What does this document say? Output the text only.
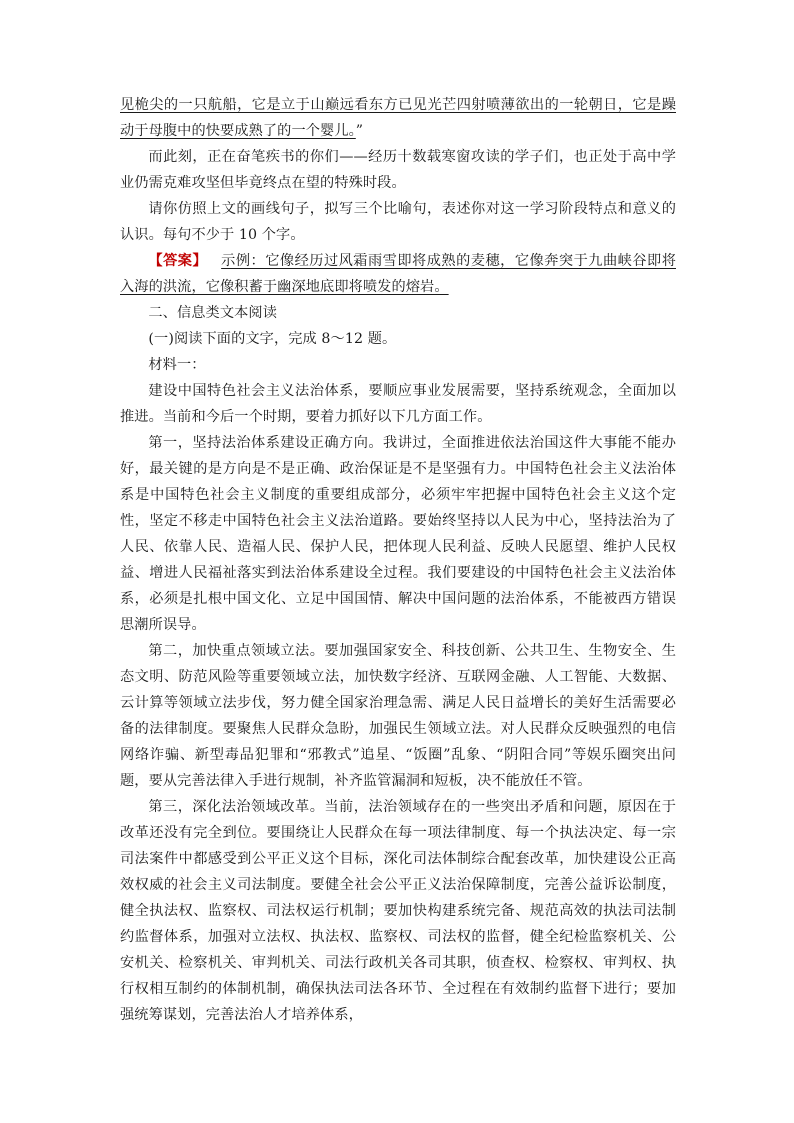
见桅尖的一只航船，它是立于山巅远看东方已见光芒四射喷薄欲出的一轮朝日，它是躁动于母腹中的快要成熟了的一个婴儿。”

而此刻，正在奋笔疾书的你们——经历十数载寒窗攻读的学子们，也正处于高中学业仍需克难攻坚但毕竟终点在望的特殊时段。

请你仿照上文的画线句子，拟写三个比喻句，表述你对这一学习阶段特点和意义的认识。每句不少于 10 个字。

【答案】 示例：它像经历过风霜雨雪即将成熟的麦穗，它像奔突于九曲峡谷即将入海的洪流，它像积蓄于幽深地底即将喷发的熔岩。

二、信息类文本阅读

(一)阅读下面的文字，完成 8～12 题。

材料一：

建设中国特色社会主义法治体系，要顺应事业发展需要，坚持系统观念，全面加以推进。当前和今后一个时期，要着力抓好以下几方面工作。

第一，坚持法治体系建设正确方向。我讲过，全面推进依法治国这件大事能不能办好，最关键的是方向是不是正确、政治保证是不是坚强有力。中国特色社会主义法治体系是中国特色社会主义制度的重要组成部分，必须牢牢把握中国特色社会主义这个定性，坚定不移走中国特色社会主义法治道路。要始终坚持以人民为中心，坚持法治为了人民、依靠人民、造福人民、保护人民，把体现人民利益、反映人民愿望、维护人民权益、增进人民福祉落实到法治体系建设全过程。我们要建设的中国特色社会主义法治体系，必须是扎根中国文化、立足中国国情、解决中国问题的法治体系，不能被西方错误思潮所误导。

第二，加快重点领域立法。要加强国家安全、科技创新、公共卫生、生物安全、生态文明、防范风险等重要领域立法，加快数字经济、互联网金融、人工智能、大数据、云计算等领域立法步伐，努力健全国家治理急需、满足人民日益增长的美好生活需要必备的法律制度。要聚焦人民群众急盼，加强民生领域立法。对人民群众反映强烈的电信网络诈骗、新型毒品犯罪和“邪教式”追星、“饭圈”乱象、“阴阳合同”等娱乐圈突出问题，要从完善法律入手进行规制，补齐监管漏洞和短板，决不能放任不管。

第三，深化法治领域改革。当前，法治领域存在的一些突出矛盾和问题，原因在于改革还没有完全到位。要围绕让人民群众在每一项法律制度、每一个执法决定、每一宗司法案件中都感受到公平正义这个目标，深化司法体制综合配套改革，加快建设公正高效权威的社会主义司法制度。要健全社会公平正义法治保障制度，完善公益诉讼制度，健全执法权、监察权、司法权运行机制；要加快构建系统完备、规范高效的执法司法制约监督体系，加强对立法权、执法权、监察权、司法权的监督，健全纪检监察机关、公安机关、检察机关、审判机关、司法行政机关各司其职，侦查权、检察权、审判权、执行权相互制约的体制机制，确保执法司法各环节、全过程在有效制约监督下进行；要加强统筹谋划，完善法治人才培养体系，
